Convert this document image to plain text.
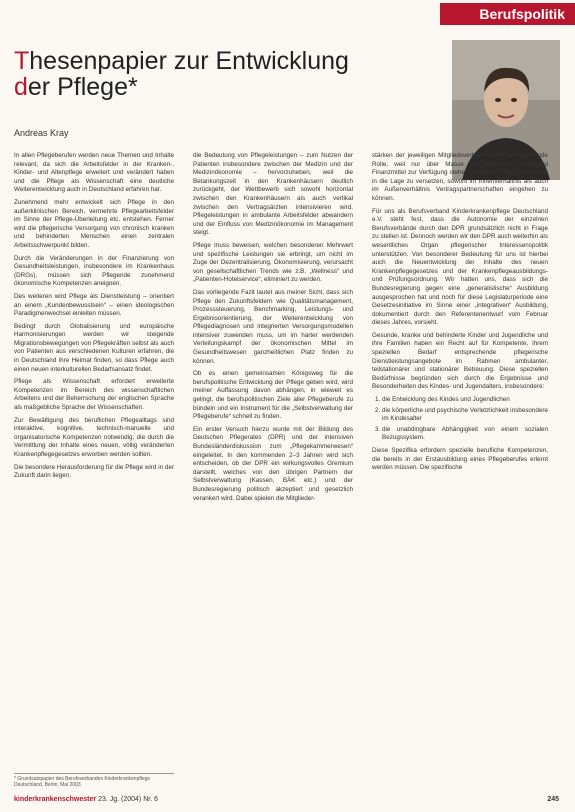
Berufspolitik
Thesenpapier zur Entwicklung
der Pflege*
Andreas Kray

In allen Pflegeberufen werden neue Themen und Inhalte relevant, da sich die Arbeitsfelder in der Kranken-, Kinder- und Altenpflege erweitert und verändert haben und die Pflege als Wissenschaft eine deutliche Weiterentwicklung auch in Deutschland erfahren hat.

Zunehmend mehr entwickelt sich Pflege in den außerklinischen Bereich, vermehrte Pflegearbeitsfelder im Sinne der Pflege-Überleitung etc. entstehen. Ferner wird die pflegerische Versorgung von chronisch kranken und behinderten Menschen einen zentralen Arbeitsschwerpunkt bilden.

Durch die Veränderungen in der Finanzierung von Gesundheitsleistungen, insbesondere im Krankenhaus (DRGs), müssen sich Pflegende zunehmend ökonomische Kompetenzen aneignen.

Des weiteren wird Pflege als Dienstleistung – orientiert an einem „Kundenbewusstsein“ – einen ideologischen Paradigmenwechsel einleiten müssen.

Bedingt durch Globalisierung und europäische Harmonisierungen werden wir steigende Migrationsbewegungen von Pflegekräften selbst als auch von Patienten aus verschiedenen Kulturen erfahren, die in Deutschland ihre Heimat finden, so dass Pflege auch einen neuen interkulturellen Bedarfsansatz findet.

Pflege als Wissenschaft erfordert erweiterte Kompetenzen im Bereich des wissenschaftlichen Arbeitens und der Beherrschung der englischen Sprache als maßgebliche Sprache der Wissenschaften.

Zur Bewältigung des beruflichen Pflegealltags sind interaktive, kognitive, technisch-manuelle und organisatorische Kompetenzen notwendig, die durch die Vermittlung der Inhalte eines neuen, völlig veränderten Krankenpflegegesetzes erworben werden sollten.

Die besondere Herausforderung für die Pflege wird in der Zukunft darin liegen,

* Grundsatzpapier des Berufsverbandes Kinderkrankenpflege Deutschland, Berlin, Mai 2003

die Bedeutung von Pflegeleistungen – zum Nutzen der Patienten insbesondere zwischen der Medizin und der Medizinökonomie – hervorzuheben, weil die Betankungszeit in den Krankenhäusern deutlich zurückgeht, der Wettbewerb sich sowohl horizontal zwischen den Krankenhäusern als auch vertikal zwischen den Vertragsärzten intensivieren wird. Pflegeleistungen in ambulante Arbeitsfelder abwandern und der Einfluss von Medizinökonomie im Management steigt.

Pflege muss beweisen, welchen besonderen Mehrwert und spezifische Leistungen sie erbringt, um nicht im Zuge der Dezentralisierung, Ökonomisierung, verursacht von gesellschaftlichen Trends wie z.B. „Wellness“ und „Patienten-Hotelservice“, eliminiert zu werden.

Das vorliegende Fazit lautet aus meiner Sicht, dass sich Pflege den Zukunftsfeldern wie Qualitätsmanagement, Prozesssteuerung, Benchmarking, Leistungs- und Ergebnisorientierung, der Weiterentwicklung von Pflegediagnosen und integrierten Versorgungsmodellen intensiver zuwenden muss, um im harter werdenden Verteilungskampf der ökonomischen Mittel im Gesundheitswesen ganzheitlichen Platz finden zu können.

Ob es einen gemeinsamen Königsweg für die berufspolitische Entwicklung der Pflege geben wird, wird meiner Auffassung davon abhängen, in wieweit es gelingt, die berufspolitischen Ziele aller Pflegeberufe zu bündeln und ein Instrument für die „Selbstverwaltung der Pflegeberufe“ schnell zu finden.

Ein erster Versuch hierzu wurde mit der Bildung des Deutschen Pflegerates (DPR) und der intensiven Bundesländerdiskussion zum „Pflegekammerwesen“ eingeleitet. In den kommenden 2–3 Jahren wird sich entscheiden, ob der DPR ein wirkungsvolles Gremium darstellt, welches von den übrigen Partnern der Selbstverwaltung (Kassen, BÄK etc.) und der Bundesregierung politisch akzeptiert und gesetzlich verankert wird. Dabei spielen die Mitglieder-

stärken der jeweiligen Mitgliedsverbände eine entscheidende Rolle, weil nur über Masse an Mitgliedern genügend Finanzmittel zur Verfügung stehen, um den DPR grundsätzlich in die Lage zu versetzen, sowohl im Innenverhältnis als auch im Außenverhältnis Vertragspartnerschaften eingehen zu können.

Für uns als Berufsverband Kinderkrankenpflege Deutschland e.V. steht fest, dass die Autonomie der einzelnen Berufsverbände durch den DPR grundsätzlich nicht in Frage zu stellen ist. Dennoch werden wir den DPR auch weiterhin als wesentliches Organ pflegerischer Interessenspolitik unterstützen. Von besonderer Bedeutung für uns ist hierbei auch die Neuentwicklung der Inhalte des neuen Krankenpflegegesetzes und der Krankenpflegeausbildungs- und Prüfungsordnung. Wir hatten uns, dass sich die Bundesregierung gegen eine „generalistische“ Ausbildung ausgesprochen hat und noch für diese Legislaturperiode eine Gesetzesinitiative im Sinne einer „integrativen“ Ausbildung, dokumentiert durch den Referentenentwurf vom Februar dieses Jahres, vorsieht.

Gesunde, kranke und behinderte Kinder und Jugendliche und ihre Familien haben ein Recht auf für Kompetente, ihrem speziellen Bedarf entsprechende pflegerische Dienstleistungsangebote im Rahmen ambulanter, teilstationärer und stationärer Betreuung. Diese speziellen Bedürfnisse begründen sich durch die Ergebnisse und Besonderheiten des Kindes- und Jugendalters, insbesondere:

1. die Entwicklung des Kindes und Jugendlichen
2. die körperliche und psychische Verletzlichkeit insbesondere im Kindesalter
3. die unabdingbare Abhängigkeit von einem sozialen Bezugssystem.

Diese Spezifika erfordern spezielle berufliche Kompetenzen, die bereits in der Erstausbildung eines Pflegeberufes erlernt werden müssen. Die spezifische

kinderkrankenschwester 23. Jg. (2004) Nr. 6	245
